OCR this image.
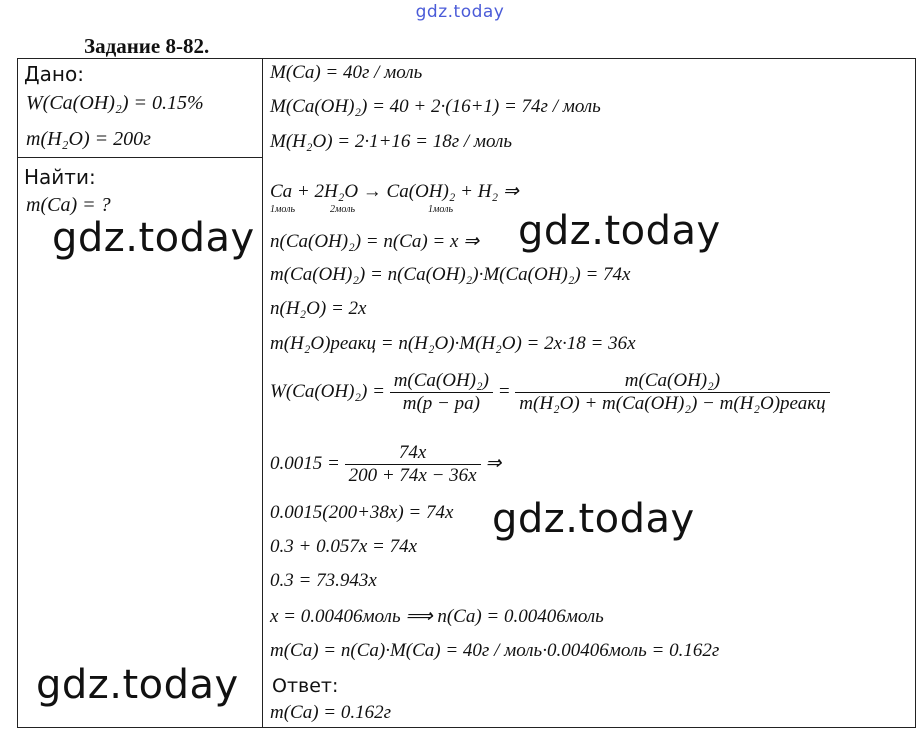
gdz.today
Задание 8-82.
Дано:
W(Ca(OH)₂) = 0.15%
m(H₂O) = 200г
Найти:
m(Ca) = ?
M(Ca) = 40г / моль
M(Ca(OH)₂) = 40 + 2·(16+1) = 74г / моль
M(H₂O) = 2·1+16 = 18г / моль
Ca + 2H₂O → Ca(OH)₂ + H₂ ⇒
1моль	2моль	1моль
n(Ca(OH)₂) = n(Ca) = x ⇒
m(Ca(OH)₂) = n(Ca(OH)₂)·M(Ca(OH)₂) = 74x
n(H₂O) = 2x
m(H₂O)реакц = n(H₂O)·M(H₂O) = 2x·18 = 36x
$W(Ca(OH)_2) = \frac{\text{m(Ca(OH)₂)}}{m(р - ра)} = \frac{\text{m(Ca(OH)₂)}}{\text{m(H₂O) + m(Ca(OH)₂) − m(H₂O)реакц}}$
$0.0015 = \frac{74x}{200 + 74x - 36x}$ ⇒
0.0015(200+38x) = 74x
0.3 + 0.057x = 74x
0.3 = 73.943x
x = 0.00406моль ⟹ n(Ca) = 0.00406моль
m(Ca) = n(Ca)·M(Ca) = 40г / моль·0.00406моль = 0.162г
Ответ:
m(Ca) = 0.162г
gdz.today	gdz.today
gdz.today
gdz.today
